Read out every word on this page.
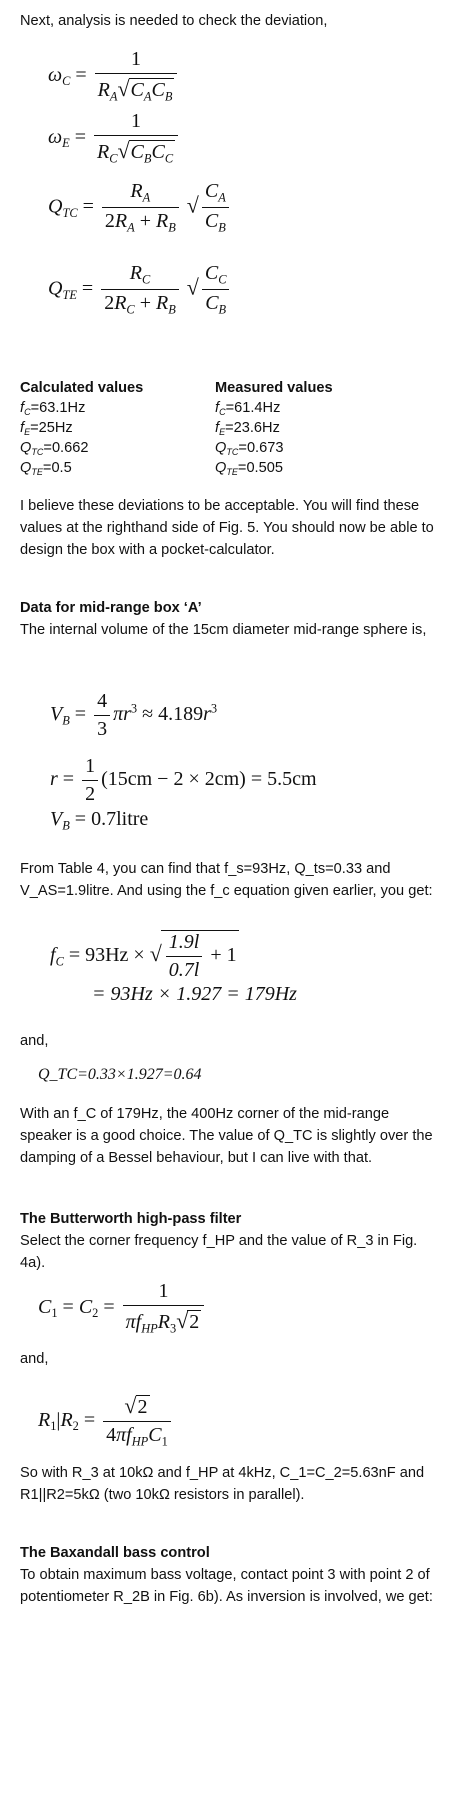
Next, analysis is needed to check the deviation,

$\omega_C = \frac{1}{R_A√C_AC_B}$
$\omega_E = \frac{1}{R_C√C_BC_C}$
$Q_{TC} = \frac{R_A}{2R_A + R_B}$ √ $\frac{C_A}{C_B}$
$Q_{TE} = \frac{R_C}{2R_C + R_B}$ √ $\frac{C_C}{C_B}$
Calculated values
$f_C=63.1Hz$
$f_E=25Hz$
$Q_{TC}=0.662$
$Q_{TE}=0.5$
Measured values
$f_C=61.4Hz$
$f_E=23.6Hz$
$Q_{TC}=0.673$
$Q_{TE}=0.505$

I believe these deviations to be acceptable. You will find these values at the righthand side of Fig. 5. You should now be able to design the box with a pocket-calculator.

Data for mid-range box ‘A’

The internal volume of the 15cm diameter mid-range sphere is,

$V_B = \frac{4}{3} \pi r^3 \approx 4.189r^3$
$r = \frac{1}{2} (15cm - 2 \times 2cm) = 5.5cm$
$V_B$ = 0.7litre

From Table 4, you can find that f_s=93Hz, Q_ts=0.33 and V_AS=1.9litre. And using the f_c equation given earlier, you get:

$f_C = 93Hz$ × √ $\frac{1.9l}{0.7l} + 1$
= 93Hz × 1.927 = 179Hz

and,

Q_TC=0.33×1.927=0.64

With an f_C of 179Hz, the 400Hz corner of the mid-range speaker is a good choice. The value of Q_TC is slightly over the damping of a Bessel behaviour, but I can live with that.

The Butterworth high-pass filter

Select the corner frequency f_HP and the value of R_3 in Fig. 4a).

$C_1 = C_2 = \frac{1}{\pi f_{HP}R_3√2}$

and,

$R_1|R_2 = \frac{√2}{4\pi f_{HP}C_1}$

So with R_3 at 10kΩ and f_HP at 4kHz, C_1=C_2=5.63nF and R1||R2=5kΩ (two 10kΩ resistors in parallel).

The Baxandall bass control

To obtain maximum bass voltage, contact point 3 with point 2 of potentiometer R_2B in Fig. 6b). As inversion is involved, we get:
